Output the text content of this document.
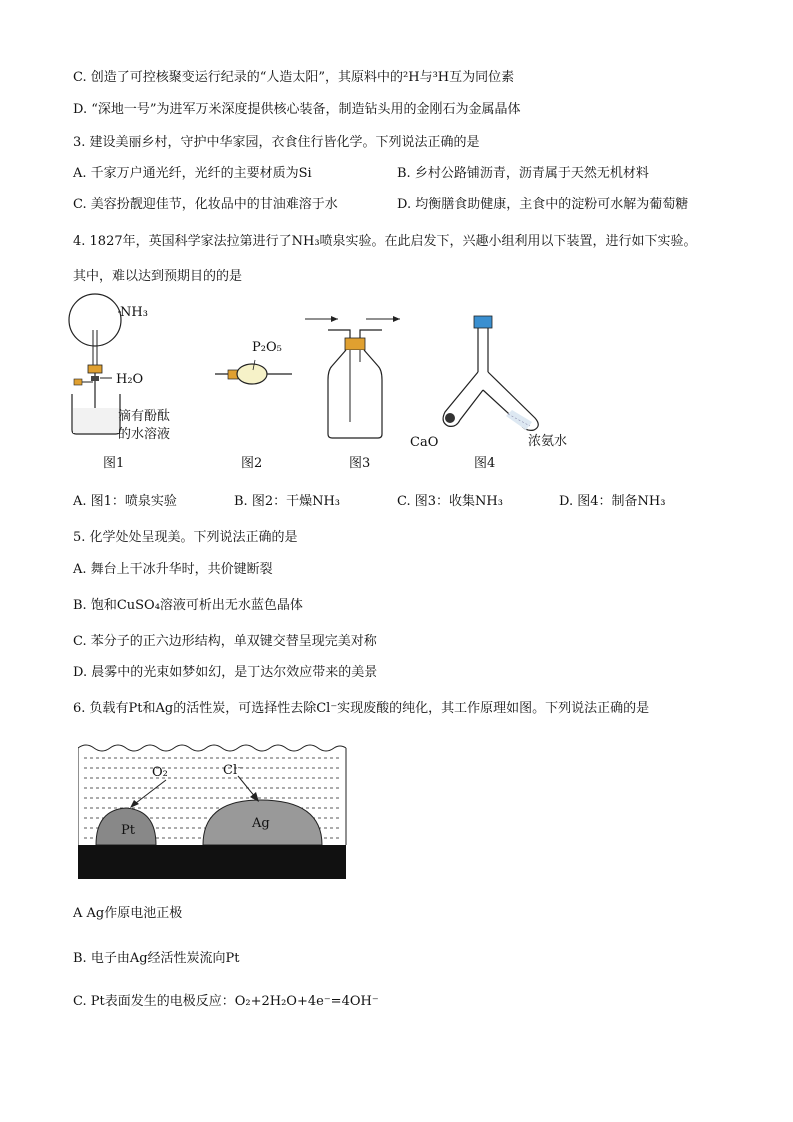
C. 创造了可控核聚变运行纪录的“人造太阳”，其原料中的²H与³H互为同位素
D. “深地一号”为进军万米深度提供核心装备，制造钻头用的金刚石为金属晶体
3. 建设美丽乡村，守护中华家园，衣食住行皆化学。下列说法正确的是
A. 千家万户通光纤，光纤的主要材质为Si	B. 乡村公路铺沥青，沥青属于天然无机材料
C. 美容扮靓迎佳节，化妆品中的甘油难溶于水	D. 均衡膳食助健康，主食中的淀粉可水解为葡萄糖
4. 1827年，英国科学家法拉第进行了NH₃喷泉实验。在此启发下，兴趣小组利用以下装置，进行如下实验。
其中，难以达到预期目的的是
NH₃
H₂O
滴有酚酞
的水溶液
图1
P₂O₅
图2	图3
CaO	浓氨水
图4
A. 图1：喷泉实验	B. 图2：干燥NH₃	C. 图3：收集NH₃	D. 图4：制备NH₃
5. 化学处处呈现美。下列说法正确的是
A. 舞台上干冰升华时，共价键断裂
B. 饱和CuSO₄溶液可析出无水蓝色晶体
C. 苯分子的正六边形结构，单双键交替呈现完美对称
D. 晨雾中的光束如梦如幻，是丁达尔效应带来的美景
6. 负载有Pt和Ag的活性炭，可选择性去除Cl⁻实现废酸的纯化，其工作原理如图。下列说法正确的是
O₂	Cl⁻
Pt	Ag
A Ag作原电池正极
B. 电子由Ag经活性炭流向Pt
C. Pt表面发生的电极反应：O₂+2H₂O+4e⁻=4OH⁻
